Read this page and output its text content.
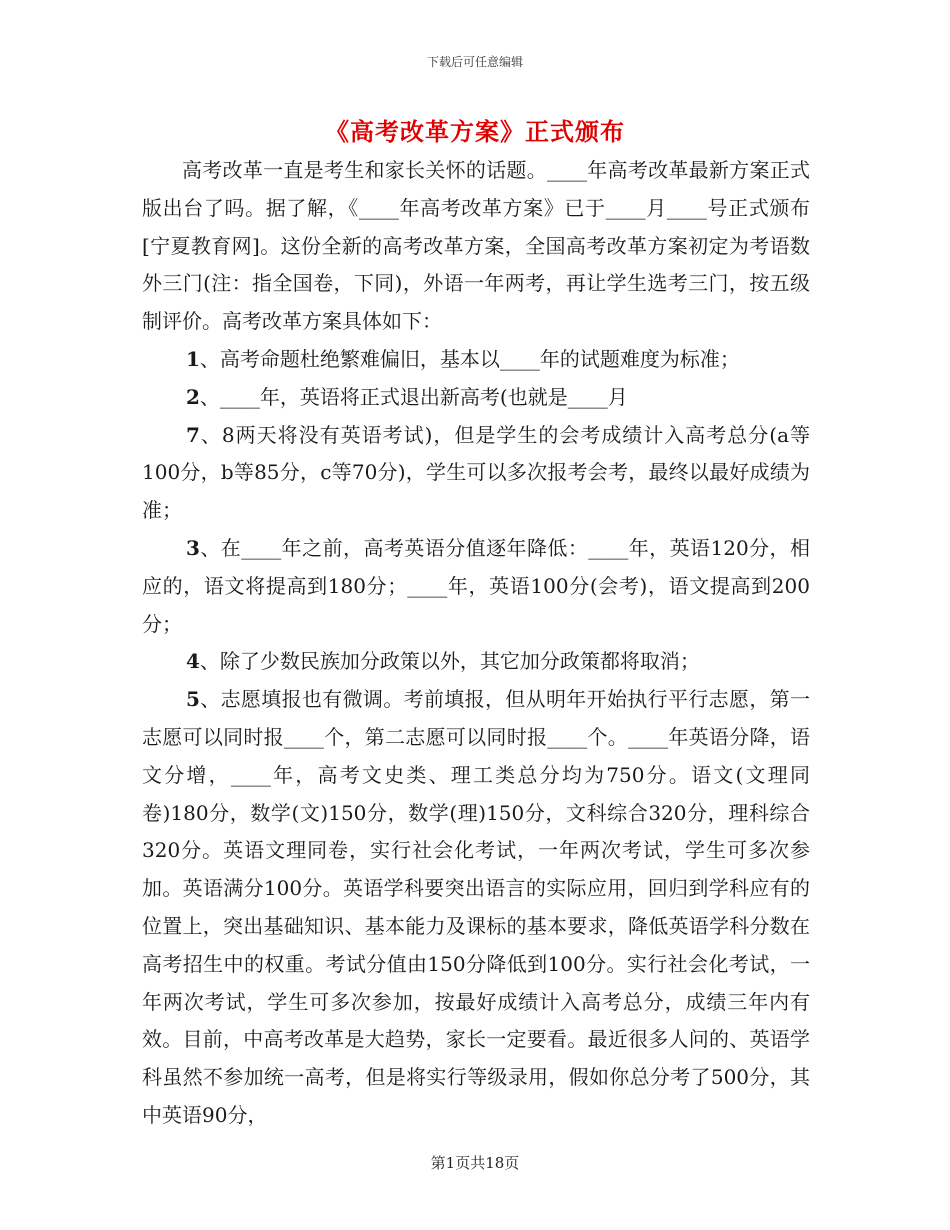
下载后可任意编辑
《高考改革方案》正式颁布

高考改革一直是考生和家长关怀的话题。____年高考改革最新方案正式版出台了吗。据了解，《____年高考改革方案》已于____月____号正式颁布[宁夏教育网]。这份全新的高考改革方案，全国高考改革方案初定为考语数外三门(注：指全国卷，下同)，外语一年两考，再让学生选考三门，按五级制评价。高考改革方案具体如下：

1、高考命题杜绝繁难偏旧，基本以____年的试题难度为标准；

2、____年，英语将正式退出新高考(也就是____月

7、8两天将没有英语考试)，但是学生的会考成绩计入高考总分(a等100分，b等85分，c等70分)，学生可以多次报考会考，最终以最好成绩为准；

3、在____年之前，高考英语分值逐年降低：____年，英语120分，相应的，语文将提高到180分；____年，英语100分(会考)，语文提高到200分；

4、除了少数民族加分政策以外，其它加分政策都将取消；

5、志愿填报也有微调。考前填报，但从明年开始执行平行志愿，第一志愿可以同时报____个，第二志愿可以同时报____个。____年英语分降，语文分增，____年，高考文史类、理工类总分均为750分。语文(文理同卷)180分，数学(文)150分，数学(理)150分，文科综合320分，理科综合320分。英语文理同卷，实行社会化考试，一年两次考试，学生可多次参加。英语满分100分。英语学科要突出语言的实际应用，回归到学科应有的位置上，突出基础知识、基本能力及课标的基本要求，降低英语学科分数在高考招生中的权重。考试分值由150分降低到100分。实行社会化考试，一年两次考试，学生可多次参加，按最好成绩计入高考总分，成绩三年内有效。目前，中高考改革是大趋势，家长一定要看。最近很多人问的、英语学科虽然不参加统一高考，但是将实行等级录用，假如你总分考了500分，其中英语90分，

第1页共18页
